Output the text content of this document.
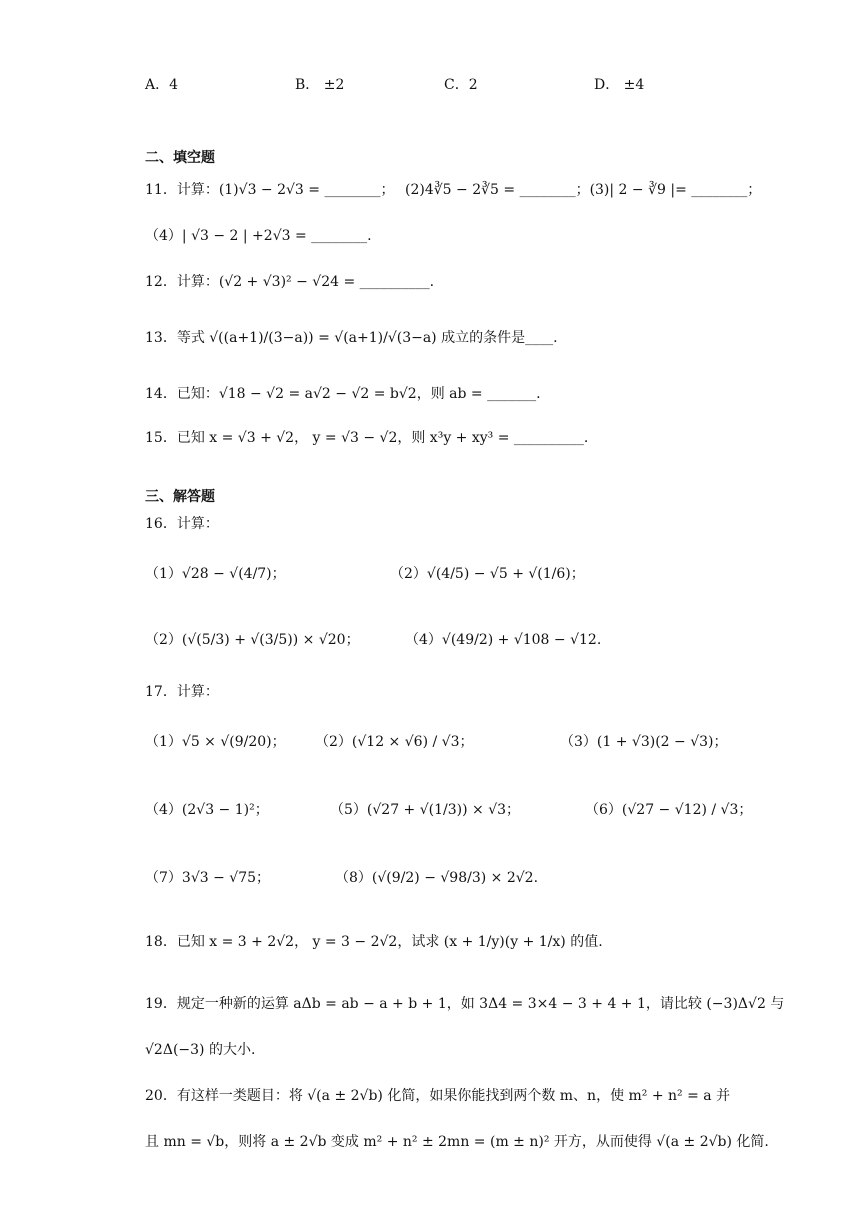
A．4	B． ±2	C．2	D． ±4
二、填空题
11．计算：(1)√3 − 2√3 = ________； (2)4∛5 − 2∛5 = ________；(3)| 2 − ∛9 |= ________；
（4）| √3 − 2 | +2√3 = ________.
12．计算：(√2 + √3)² − √24 = __________.
13．等式 √((a+1)/(3−a)) = √(a+1)/√(3−a) 成立的条件是____.
14．已知：√18 − √2 = a√2 − √2 = b√2，则 ab = _______.
15．已知 x = √3 + √2， y = √3 − √2，则 x³y + xy³ = __________.
三、解答题
16．计算：
（1）√28 − √(4/7)；	（2）√(4/5) − √5 + √(1/6)；
（2）(√(5/3) + √(3/5)) × √20；	（4）√(49/2) + √108 − √12.
17．计算：
（1）√5 × √(9/20)； （2）(√12 × √6) / √3；	（3）(1 + √3)(2 − √3)；
（4）(2√3 − 1)²；	（5）(√27 + √(1/3)) × √3；	（6）(√27 − √12) / √3；
（7）3√3 − √75；	（8）(√(9/2) − √98/3) × 2√2.
18．已知 x = 3 + 2√2， y = 3 − 2√2，试求 (x + 1/y)(y + 1/x) 的值.
19．规定一种新的运算 aΔb = ab − a + b + 1，如 3Δ4 = 3×4 − 3 + 4 + 1，请比较 (−3)Δ√2 与
√2Δ(−3) 的大小.
20．有这样一类题目：将 √(a ± 2√b) 化简，如果你能找到两个数 m、n，使 m² + n² = a 并
且 mn = √b，则将 a ± 2√b 变成 m² + n² ± 2mn = (m ± n)² 开方，从而使得 √(a ± 2√b) 化简.
